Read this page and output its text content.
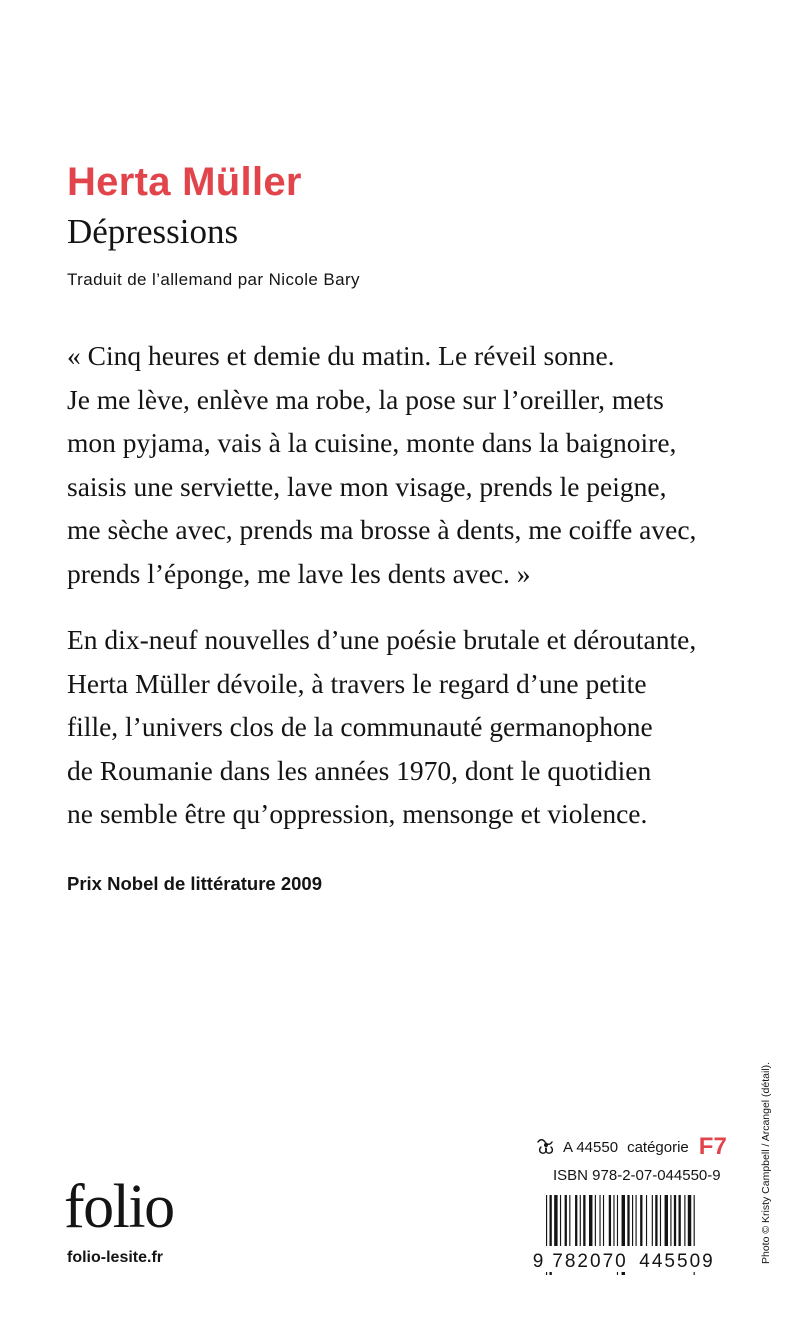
Herta Müller
Dépressions
Traduit de l’allemand par Nicole Bary

« Cinq heures et demie du matin. Le réveil sonne.
Je me lève, enlève ma robe, la pose sur l’oreiller, mets
mon pyjama, vais à la cuisine, monte dans la baignoire,
saisis une serviette, lave mon visage, prends le peigne,
me sèche avec, prends ma brosse à dents, me coiffe avec,
prends l’éponge, me lave les dents avec. »

En dix-neuf nouvelles d’une poésie brutale et déroutante,
Herta Müller dévoile, à travers le regard d’une petite
fille, l’univers clos de la communauté germanophone
de Roumanie dans les années 1970, dont le quotidien
ne semble être qu’oppression, mensonge et violence.

Prix Nobel de littérature 2009
folio
folio-lesite.fr
A 44550 catégorie F7
ISBN 978-2-07-044550-9
9 782070 445509	Photo © Kristy Campbell / Arcangel (détail).
